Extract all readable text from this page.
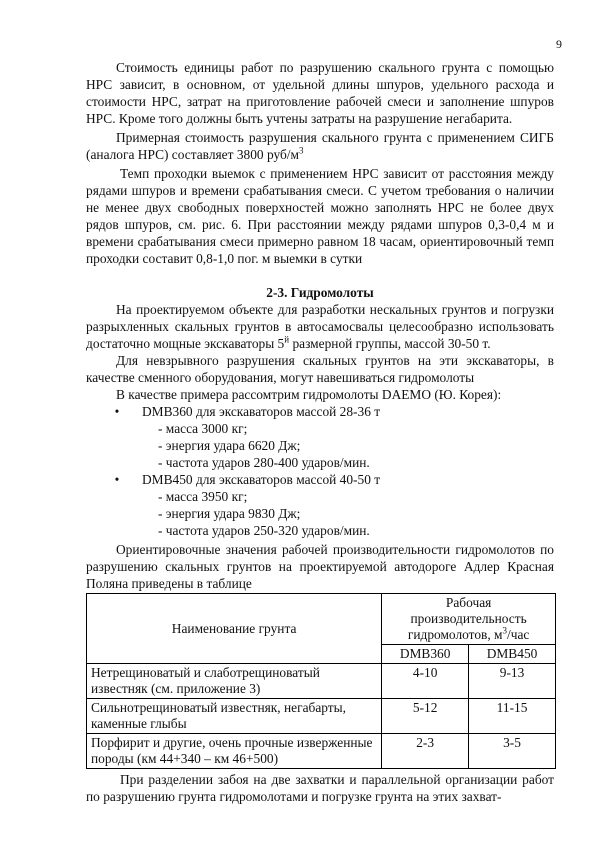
9

Стоимость единицы работ по разрушению скального грунта с помощью НРС зависит, в основном, от удельной длины шпуров, удельного расхода и стоимости НРС, затрат на приготовление рабочей смеси и заполнение шпуров НРС. Кроме того должны быть учтены затраты на разрушение негабарита.

Примерная стоимость разрушения скального грунта с применением СИГБ (аналога НРС) составляет 3800 руб/$м^3$

Темп проходки выемок с применением НРС зависит от расстояния между рядами шпуров и времени срабатывания смеси. С учетом требования о наличии не менее двух свободных поверхностей можно заполнять НРС не более двух рядов шпуров, см. рис. 6. При расстоянии между рядами шпуров 0,3-0,4 м и времени срабатывания смеси примерно равном 18 часам, ориентировочный темп проходки составит 0,8-1,0 пог. м выемки в сутки

2-3. Гидромолоты

На проектируемом объекте для разработки нескальных грунтов и погрузки разрыхленных скальных грунтов в автосамосвалы целесообразно использовать достаточно мощные экскаваторы $5^й$ размерной группы, массой 30-50 т.

Для невзрывного разрушения скальных грунтов на эти экскаваторы, в качестве сменного оборудования, могут навешиваться гидромолоты

В качестве примера рассомтрим гидромолоты DAEMO (Ю. Корея):

•	DMB360 для экскаваторов массой 28-36 т
- масса 3000 кг;
- энергия удара 6620 Дж;
- частота ударов 280-400 ударов/мин.
•	DMB450 для экскаваторов массой 40-50 т
- масса 3950 кг;
- энергия удара 9830 Дж;
- частота ударов 250-320 ударов/мин.

Ориентировочные значения рабочей производительности гидромолотов по разрушению скальных грунтов на проектируемой автодороге Адлер Красная Поляна приведены в таблице

Наименование грунта	Рабочая производительность гидромолотов, $м^3$/час	
	DMB360	DMB450
Нетрещиноватый и слаботрещиноватый известняк (см. приложение 3)	4-10	9-13
Сильнотрещиноватый известняк, негабарты, каменные глыбы	5-12	11-15
Порфирит и другие, очень прочные изверженные породы (км 44+340 – км 46+500)	2-3	3-5

При разделении забоя на две захватки и параллельной организации работ по разрушению грунта гидромолотами и погрузке грунта на этих захват-
